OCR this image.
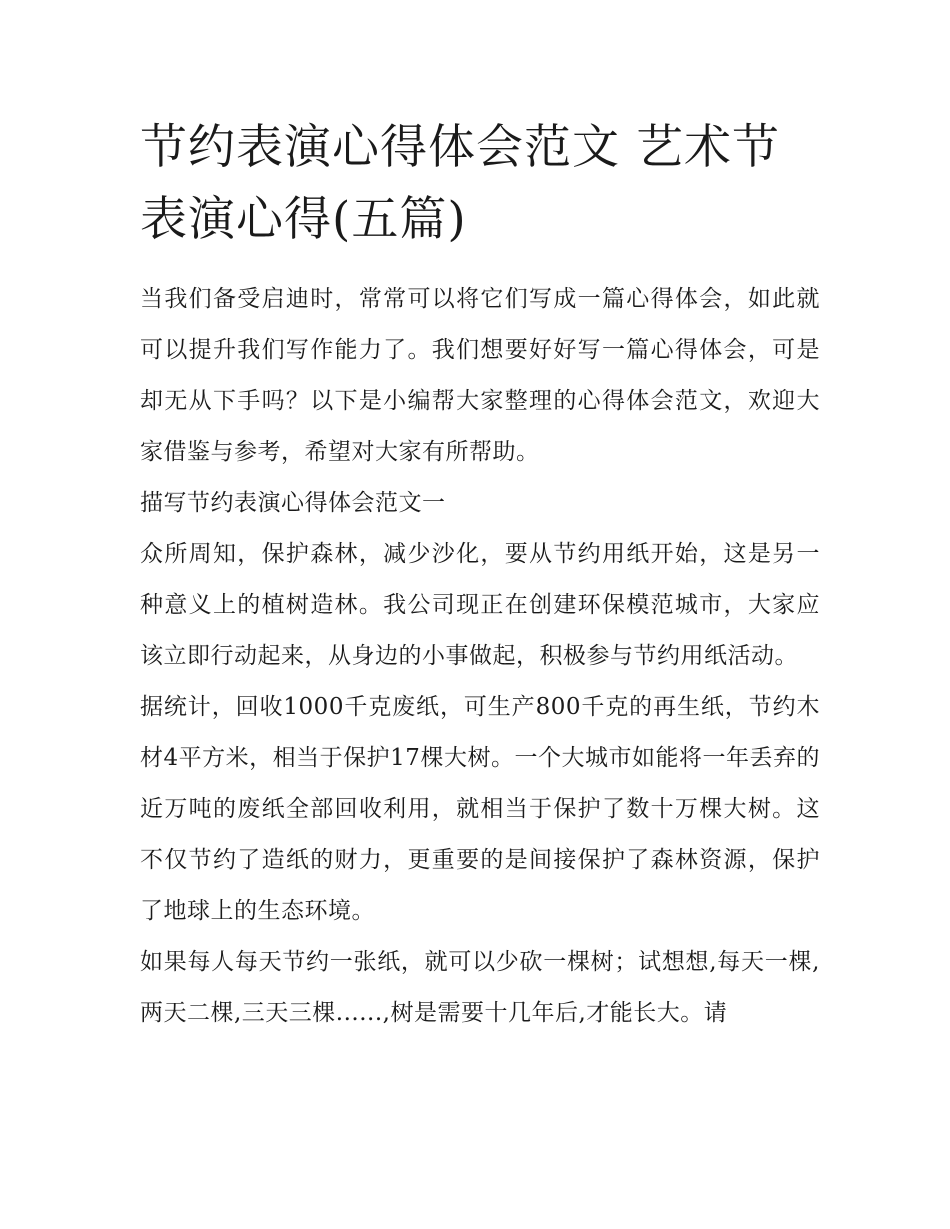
节约表演心得体会范文 艺术节表演心得(五篇)

当我们备受启迪时，常常可以将它们写成一篇心得体会，如此就可以提升我们写作能力了。我们想要好好写一篇心得体会，可是却无从下手吗？以下是小编帮大家整理的心得体会范文，欢迎大家借鉴与参考，希望对大家有所帮助。

描写节约表演心得体会范文一

众所周知，保护森林，减少沙化，要从节约用纸开始，这是另一种意义上的植树造林。我公司现正在创建环保模范城市，大家应该立即行动起来，从身边的小事做起，积极参与节约用纸活动。

据统计，回收1000千克废纸，可生产800千克的再生纸，节约木材4平方米，相当于保护17棵大树。一个大城市如能将一年丢弃的近万吨的废纸全部回收利用，就相当于保护了数十万棵大树。这不仅节约了造纸的财力，更重要的是间接保护了森林资源，保护了地球上的生态环境。

如果每人每天节约一张纸，就可以少砍一棵树；试想想,每天一棵,两天二棵,三天三棵......,树是需要十几年后,才能长大。请
